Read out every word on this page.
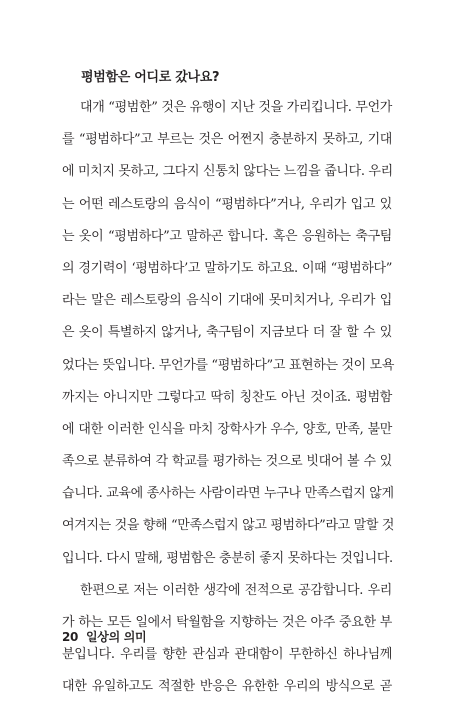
평범함은 어디로 갔나요?
대개 “평범한” 것은 유행이 지난 것을 가리킵니다. 무언가
를 “평범하다”고 부르는 것은 어쩐지 충분하지 못하고, 기대
에 미치지 못하고, 그다지 신통치 않다는 느낌을 줍니다. 우리
는 어떤 레스토랑의 음식이 “평범하다”거나, 우리가 입고 있
는 옷이 “평범하다”고 말하곤 합니다. 혹은 응원하는 축구팀
의 경기력이 ‘평범하다’고 말하기도 하고요. 이때 “평범하다”
라는 말은 레스토랑의 음식이 기대에 못미치거나, 우리가 입
은 옷이 특별하지 않거나, 축구팀이 지금보다 더 잘 할 수 있
었다는 뜻입니다. 무언가를 “평범하다”고 표현하는 것이 모욕
까지는 아니지만 그렇다고 딱히 칭찬도 아닌 것이죠. 평범함
에 대한 이러한 인식을 마치 장학사가 우수, 양호, 만족, 불만
족으로 분류하여 각 학교를 평가하는 것으로 빗대어 볼 수 있
습니다. 교육에 종사하는 사람이라면 누구나 만족스럽지 않게
여겨지는 것을 향해 “만족스럽지 않고 평범하다”라고 말할 것
입니다. 다시 말해, 평범함은 충분히 좋지 못하다는 것입니다.
한편으로 저는 이러한 생각에 전적으로 공감합니다. 우리
가 하는 모든 일에서 탁월함을 지향하는 것은 아주 중요한 부
분입니다. 우리를 향한 관심과 관대함이 무한하신 하나님께
대한 유일하고도 적절한 반응은 유한한 우리의 방식으로 곧
20 일상의 의미
